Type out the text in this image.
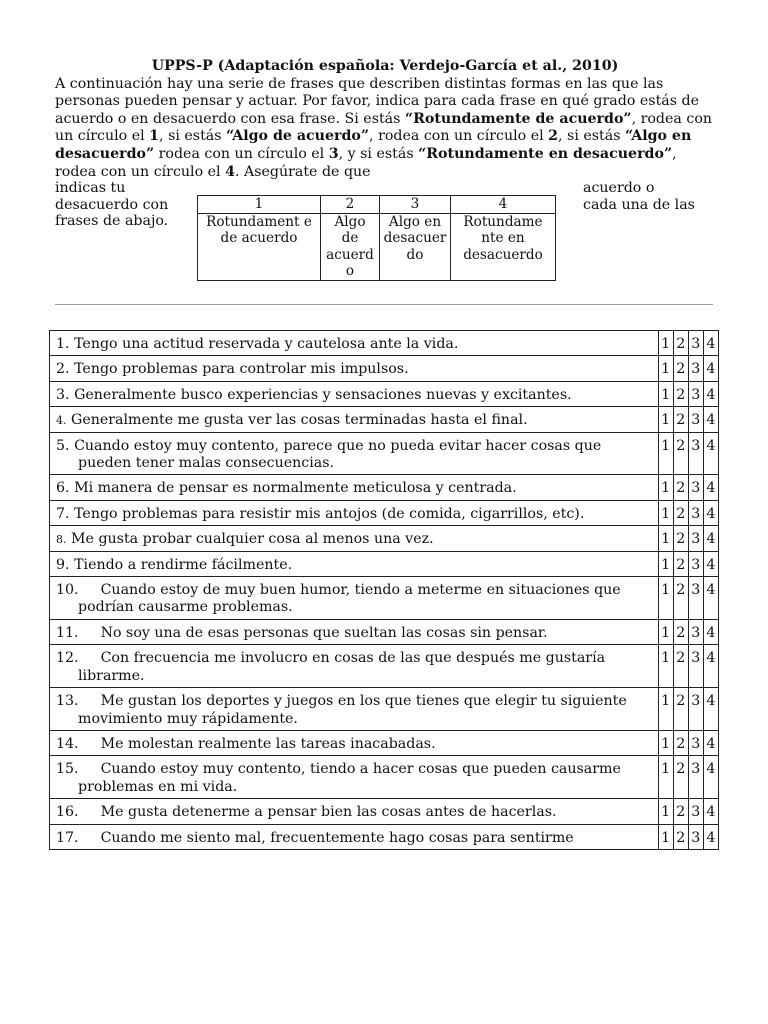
UPPS-P (Adaptación española: Verdejo-García et al., 2010)
A continuación hay una serie de frases que describen distintas formas en las que las personas pueden pensar y actuar. Por favor, indica para cada frase en qué grado estás de acuerdo o en desacuerdo con esa frase. Si estás “Rotundamente de acuerdo”, rodea con un círculo el 1, si estás “Algo de acuerdo”, rodea con un círculo el 2, si estás “Algo en desacuerdo” rodea con un círculo el 3, y si estás “Rotundamente en desacuerdo”, rodea con un círculo el 4. Asegúrate de que
indicas tu
desacuerdo con
frases de abajo.
acuerdo o
cada una de las
1	2	3	4
Rotundament e de acuerdo	Algo de acuerd o	Algo en desacuer do	Rotundame nte en desacuerdo
1. Tengo una actitud reservada y cautelosa ante la vida.	1	2	3	4

2. Tengo problemas para controlar mis impulsos.	1	2	3	4

3. Generalmente busco experiencias y sensaciones nuevas y excitantes.	1	2	3	4

4. Generalmente me gusta ver las cosas terminadas hasta el final.	1	2	3	4

5. Cuando estoy muy contento, parece que no pueda evitar hacer cosas que pueden tener malas consecuencias.	1	2	3	4

6. Mi manera de pensar es normalmente meticulosa y centrada.	1	2	3	4

7. Tengo problemas para resistir mis antojos (de comida, cigarrillos, etc).	1	2	3	4

8. Me gusta probar cualquier cosa al menos una vez.	1	2	3	4

9. Tiendo a rendirme fácilmente.	1	2	3	4

10. Cuando estoy de muy buen humor, tiendo a meterme en situaciones que podrían causarme problemas.	1	2	3	4

11. No soy una de esas personas que sueltan las cosas sin pensar.	1	2	3	4

12. Con frecuencia me involucro en cosas de las que después me gustaría librarme.	1	2	3	4

13. Me gustan los deportes y juegos en los que tienes que elegir tu siguiente movimiento muy rápidamente.	1	2	3	4

14. Me molestan realmente las tareas inacabadas.	1	2	3	4

15. Cuando estoy muy contento, tiendo a hacer cosas que pueden causarme problemas en mi vida.	1	2	3	4

16. Me gusta detenerme a pensar bien las cosas antes de hacerlas.	1	2	3	4

17. Cuando me siento mal, frecuentemente hago cosas para sentirme	1	2	3	4
